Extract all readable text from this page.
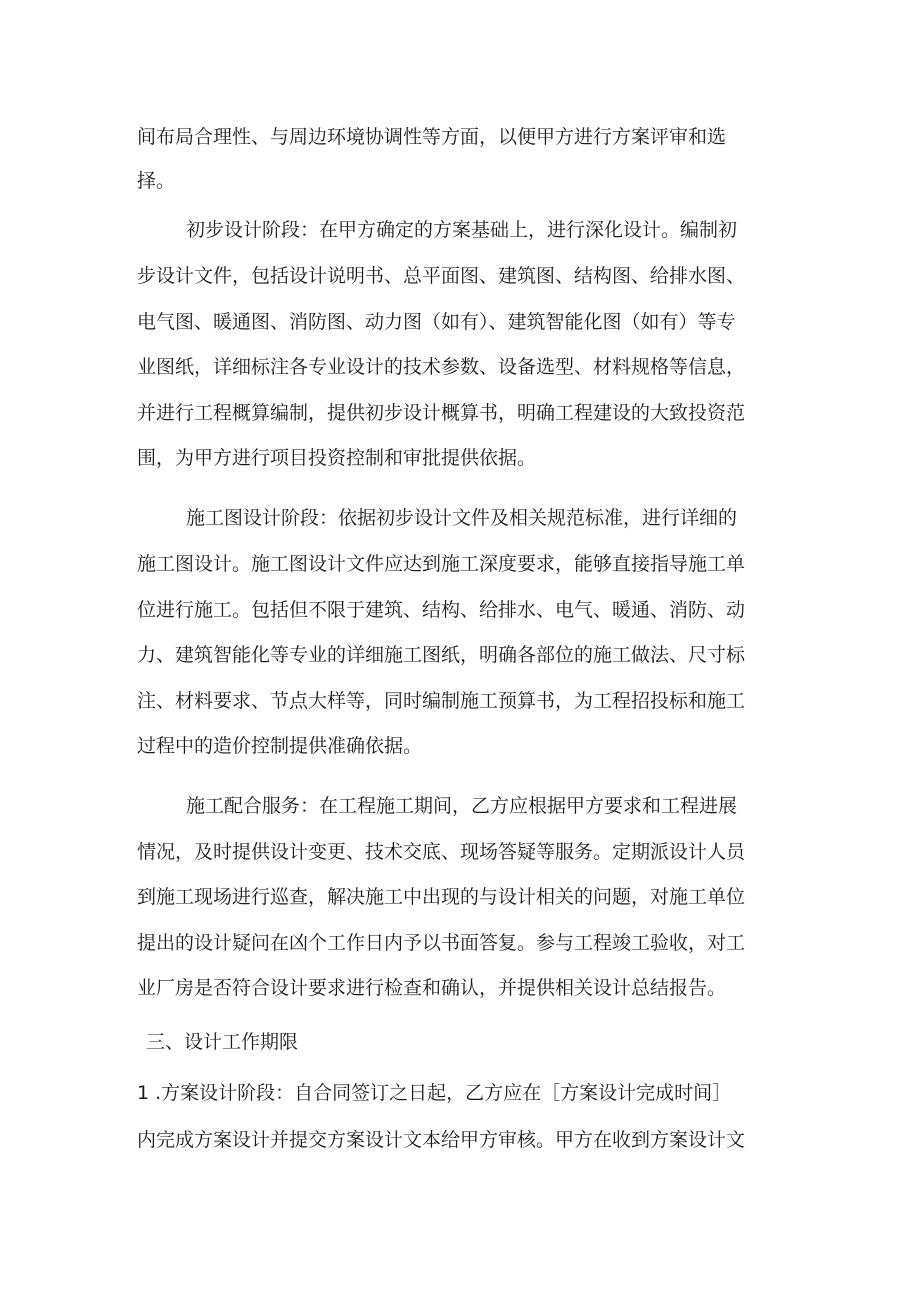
间布局合理性、与周边环境协调性等方面，以便甲方进行方案评审和选
择。
初步设计阶段：在甲方确定的方案基础上，进行深化设计。编制初
步设计文件，包括设计说明书、总平面图、建筑图、结构图、给排水图、
电气图、暖通图、消防图、动力图（如有）、建筑智能化图（如有）等专
业图纸，详细标注各专业设计的技术参数、设备选型、材料规格等信息，
并进行工程概算编制，提供初步设计概算书，明确工程建设的大致投资范
围，为甲方进行项目投资控制和审批提供依据。
施工图设计阶段：依据初步设计文件及相关规范标准，进行详细的
施工图设计。施工图设计文件应达到施工深度要求，能够直接指导施工单
位进行施工。包括但不限于建筑、结构、给排水、电气、暖通、消防、动
力、建筑智能化等专业的详细施工图纸，明确各部位的施工做法、尺寸标
注、材料要求、节点大样等，同时编制施工预算书，为工程招投标和施工
过程中的造价控制提供准确依据。
施工配合服务：在工程施工期间，乙方应根据甲方要求和工程进展
情况，及时提供设计变更、技术交底、现场答疑等服务。定期派设计人员
到施工现场进行巡查，解决施工中出现的与设计相关的问题，对施工单位
提出的设计疑问在凶个工作日内予以书面答复。参与工程竣工验收，对工
业厂房是否符合设计要求进行检查和确认，并提供相关设计总结报告。
三、设计工作期限
1 .方案设计阶段：自合同签订之日起，乙方应在［方案设计完成时间］
内完成方案设计并提交方案设计文本给甲方审核。甲方在收到方案设计文
